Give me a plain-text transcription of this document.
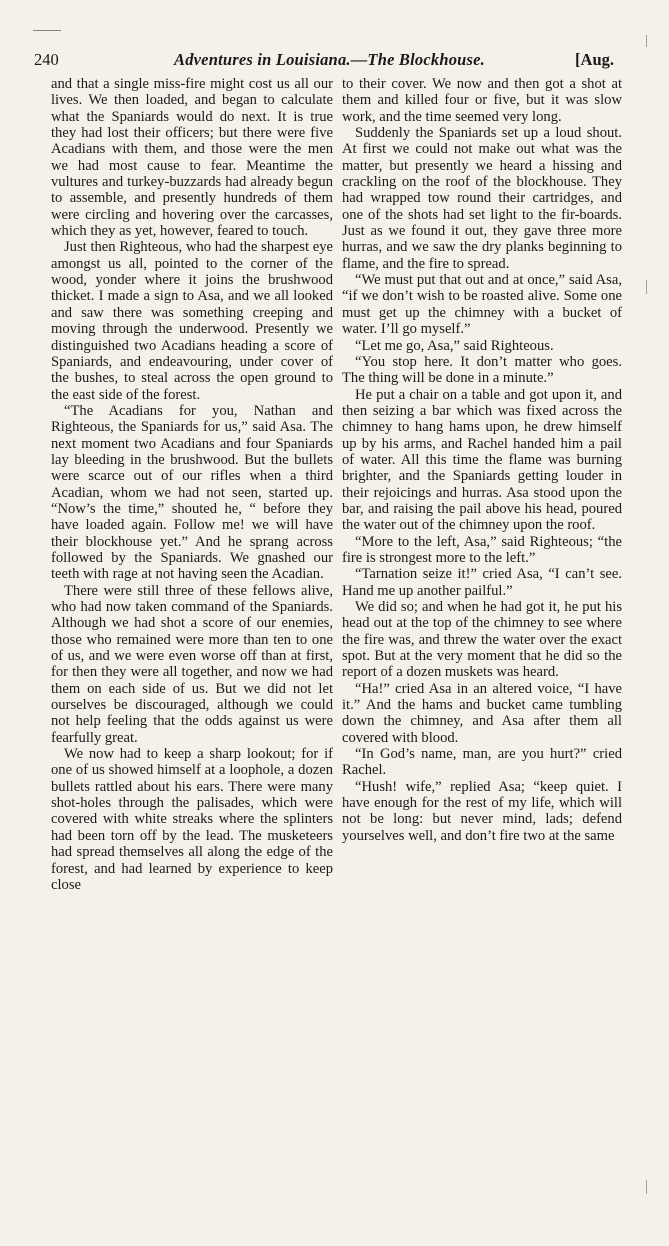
240	Adventures in Louisiana.—The Blockhouse.	[Aug.

and that a single miss-fire might cost us all our lives. We then loaded, and began to calculate what the Spaniards would do next. It is true they had lost their officers; but there were five Acadians with them, and those were the men we had most cause to fear. Meantime the vultures and turkey-buzzards had already begun to assemble, and presently hundreds of them were circling and hovering over the carcasses, which they as yet, however, feared to touch.

Just then Righteous, who had the sharpest eye amongst us all, pointed to the corner of the wood, yonder where it joins the brushwood thicket. I made a sign to Asa, and we all looked and saw there was something creeping and moving through the underwood. Presently we distinguished two Acadians heading a score of Spaniards, and endeavouring, under cover of the bushes, to steal across the open ground to the east side of the forest.

“The Acadians for you, Nathan and Righteous, the Spaniards for us,” said Asa. The next moment two Acadians and four Spaniards lay bleeding in the brushwood. But the bullets were scarce out of our rifles when a third Acadian, whom we had not seen, started up. “Now’s the time,” shouted he, “ before they have loaded again. Follow me! we will have their blockhouse yet.” And he sprang across followed by the Spaniards. We gnashed our teeth with rage at not having seen the Acadian.

There were still three of these fellows alive, who had now taken command of the Spaniards. Although we had shot a score of our enemies, those who remained were more than ten to one of us, and we were even worse off than at first, for then they were all together, and now we had them on each side of us. But we did not let ourselves be discouraged, although we could not help feeling that the odds against us were fearfully great.

We now had to keep a sharp lookout; for if one of us showed himself at a loophole, a dozen bullets rattled about his ears. There were many shot-holes through the palisades, which were covered with white streaks where the splinters had been torn off by the lead. The musketeers had spread themselves all along the edge of the forest, and had learned by experience to keep close

to their cover. We now and then got a shot at them and killed four or five, but it was slow work, and the time seemed very long.

Suddenly the Spaniards set up a loud shout. At first we could not make out what was the matter, but presently we heard a hissing and crackling on the roof of the blockhouse. They had wrapped tow round their cartridges, and one of the shots had set light to the fir-boards. Just as we found it out, they gave three more hurras, and we saw the dry planks beginning to flame, and the fire to spread.

“We must put that out and at once,” said Asa, “if we don’t wish to be roasted alive. Some one must get up the chimney with a bucket of water. I’ll go myself.”

“Let me go, Asa,” said Righteous.

“You stop here. It don’t matter who goes. The thing will be done in a minute.”

He put a chair on a table and got upon it, and then seizing a bar which was fixed across the chimney to hang hams upon, he drew himself up by his arms, and Rachel handed him a pail of water. All this time the flame was burning brighter, and the Spaniards getting louder in their rejoicings and hurras. Asa stood upon the bar, and raising the pail above his head, poured the water out of the chimney upon the roof.

“More to the left, Asa,” said Righteous; “the fire is strongest more to the left.”

“Tarnation seize it!” cried Asa, “I can’t see. Hand me up another pailful.”

We did so; and when he had got it, he put his head out at the top of the chimney to see where the fire was, and threw the water over the exact spot. But at the very moment that he did so the report of a dozen muskets was heard.

“Ha!” cried Asa in an altered voice, “I have it.” And the hams and bucket came tumbling down the chimney, and Asa after them all covered with blood.

“In God’s name, man, are you hurt?” cried Rachel.

“Hush! wife,” replied Asa; “keep quiet. I have enough for the rest of my life, which will not be long: but never mind, lads; defend yourselves well, and don’t fire two at the same
